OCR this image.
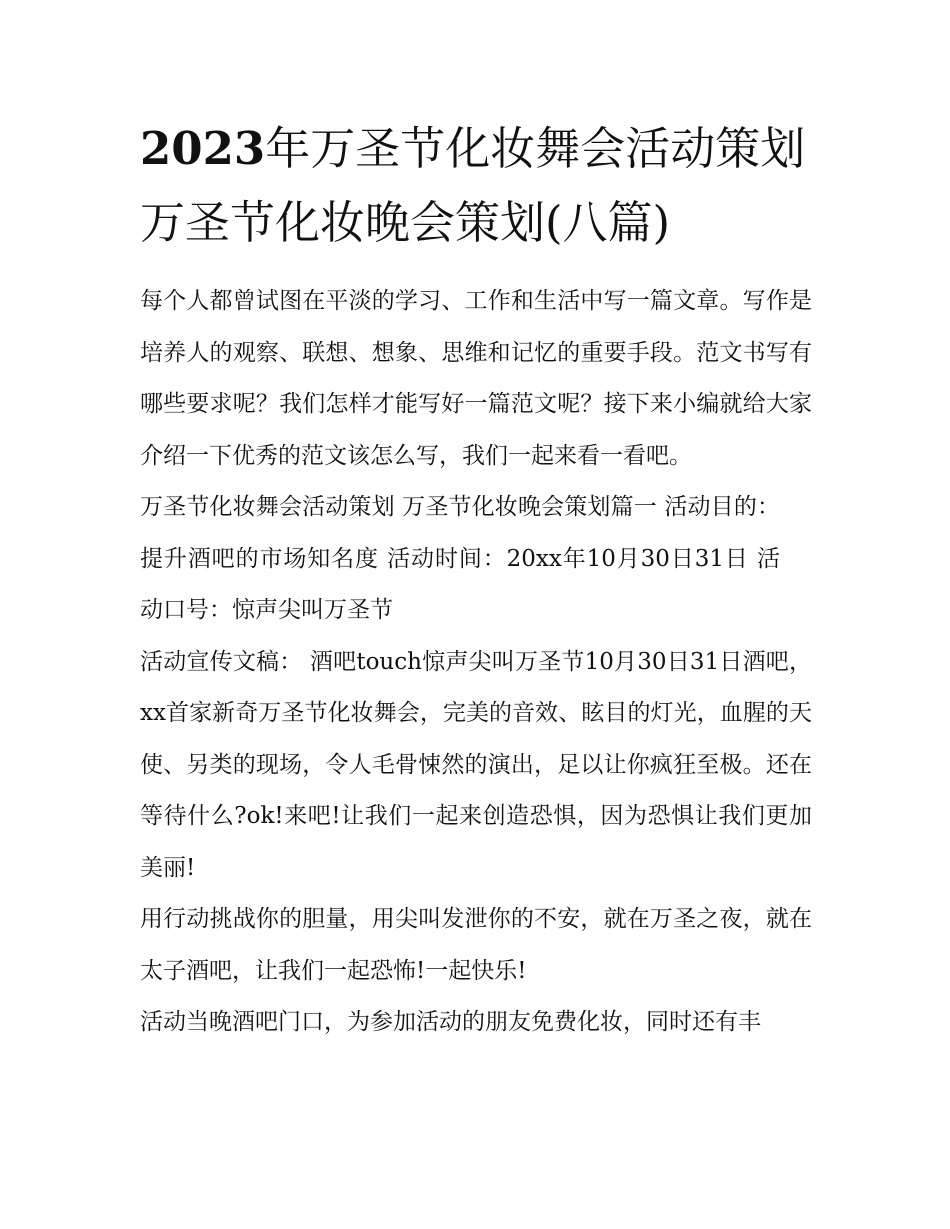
2023年万圣节化妆舞会活动策划 万圣节化妆晚会策划(八篇)

每个人都曾试图在平淡的学习、工作和生活中写一篇文章。写作是培养人的观察、联想、想象、思维和记忆的重要手段。范文书写有哪些要求呢？我们怎样才能写好一篇范文呢？接下来小编就给大家介绍一下优秀的范文该怎么写，我们一起来看一看吧。

万圣节化妆舞会活动策划 万圣节化妆晚会策划篇一 活动目的：提升酒吧的市场知名度 活动时间：20xx年10月30日31日 活动口号：惊声尖叫万圣节

活动宣传文稿： 酒吧touch惊声尖叫万圣节10月30日31日酒吧，xx首家新奇万圣节化妆舞会，完美的音效、眩目的灯光，血腥的天使、另类的现场，令人毛骨悚然的演出，足以让你疯狂至极。还在等待什么?ok!来吧!让我们一起来创造恐惧，因为恐惧让我们更加美丽!

用行动挑战你的胆量，用尖叫发泄你的不安，就在万圣之夜，就在太子酒吧，让我们一起恐怖!一起快乐!

活动当晚酒吧门口，为参加活动的朋友免费化妆，同时还有丰
